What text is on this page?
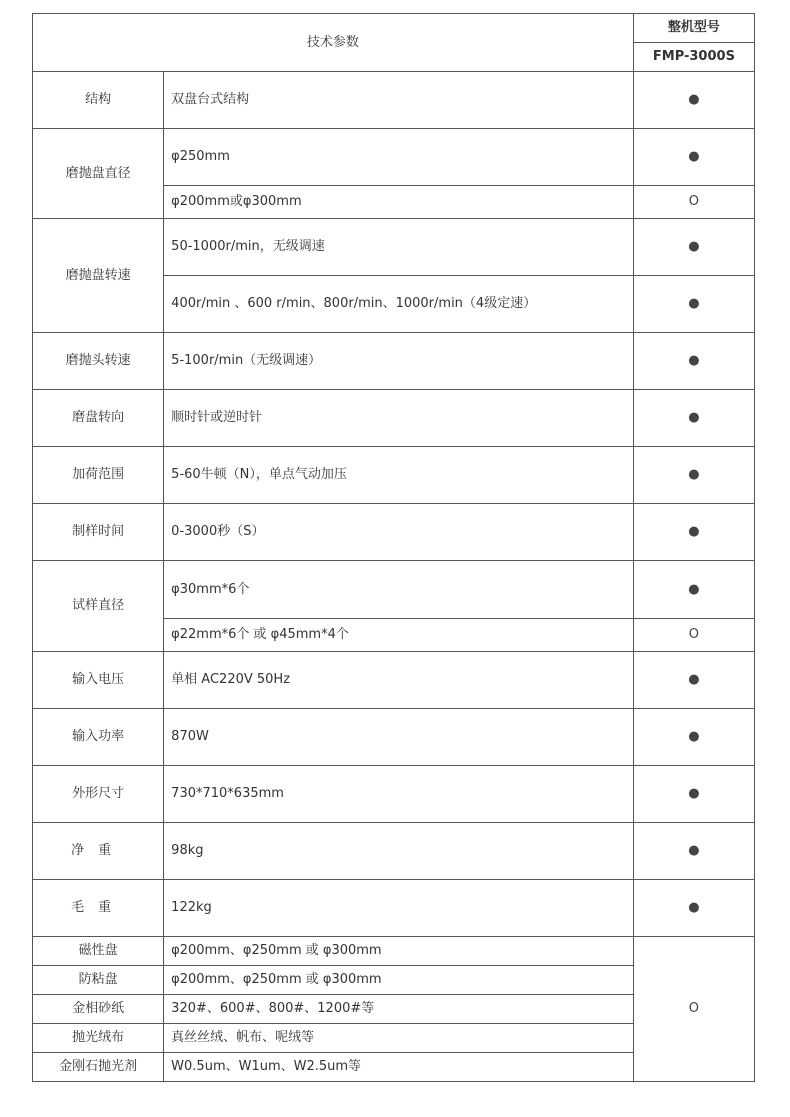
技术参数		整机型号
		FMP-3000S
结构	双盘台式结构	●
磨抛盘直径	φ250mm	●
	φ200mm或φ300mm	O
磨抛盘转速	50-1000r/min，无级调速	●
	400r/min 、600 r/min、800r/min、1000r/min（4级定速）	●
磨抛头转速	5-100r/min（无级调速）	●
磨盘转向	顺时针或逆时针	●
加荷范围	5-60牛顿（N），单点气动加压	●
制样时间	0-3000秒（S）	●
试样直径	φ30mm*6个	●
	φ22mm*6个 或 φ45mm*4个	O
输入电压	单相 AC220V 50Hz	●
输入功率	870W	●
外形尺寸	730*710*635mm	●
净重	98kg	●
毛重	122kg	●
磁性盘	φ200mm、φ250mm 或 φ300mm	O
防粘盘	φ200mm、φ250mm 或 φ300mm	
金相砂纸	320#、600#、800#、1200#等	
抛光绒布	真丝丝绒、帆布、呢绒等	
金刚石抛光剂	W0.5um、W1um、W2.5um等	
